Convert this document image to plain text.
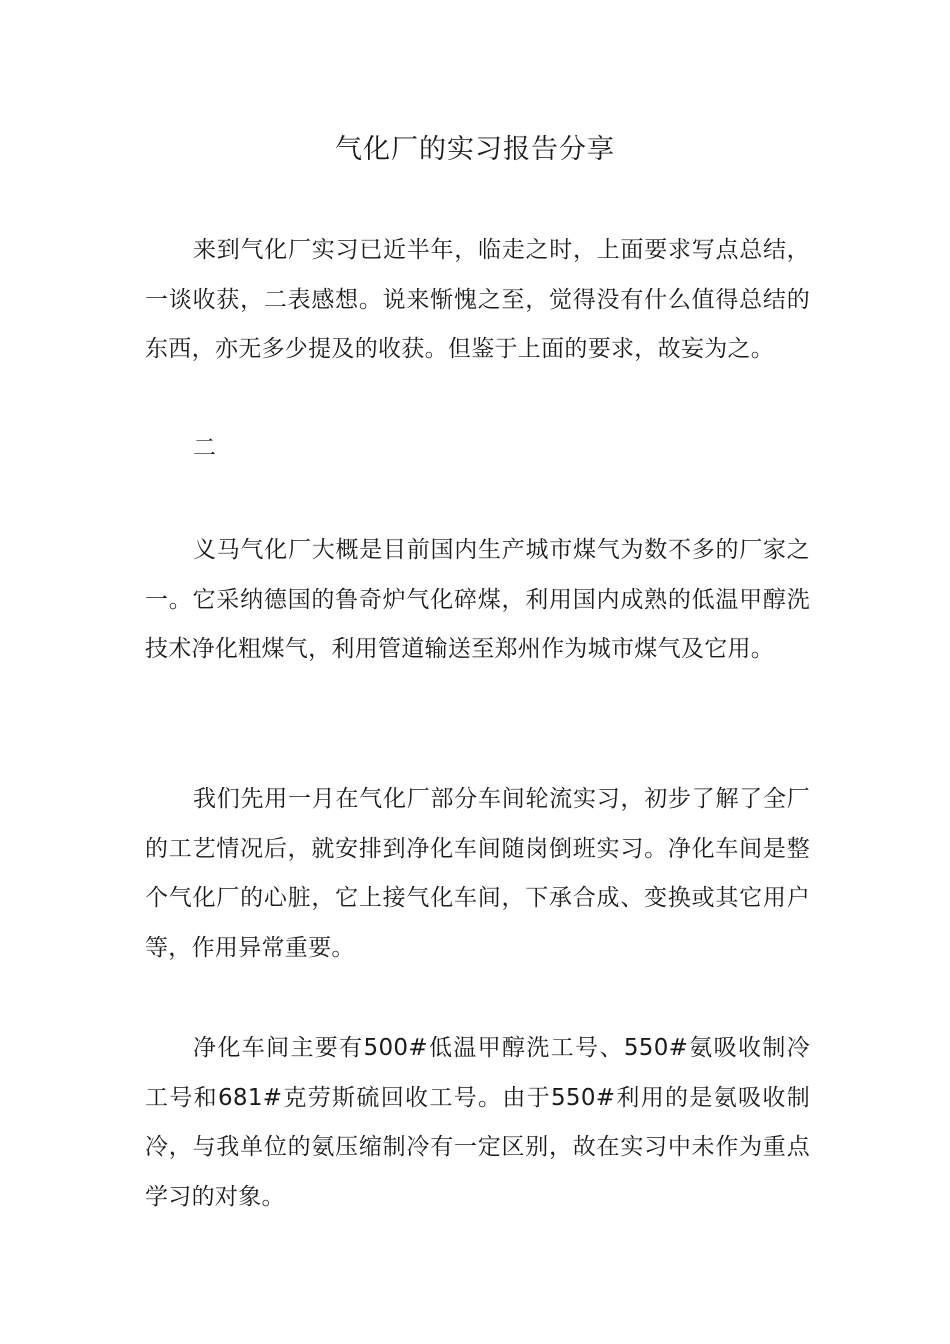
气化厂的实习报告分享

来到气化厂实习已近半年，临走之时，上面要求写点总结，一谈收获，二表感想。说来惭愧之至，觉得没有什么值得总结的东西，亦无多少提及的收获。但鉴于上面的要求，故妄为之。

二

义马气化厂大概是目前国内生产城市煤气为数不多的厂家之一。它采纳德国的鲁奇炉气化碎煤，利用国内成熟的低温甲醇洗技术净化粗煤气，利用管道输送至郑州作为城市煤气及它用。

我们先用一月在气化厂部分车间轮流实习，初步了解了全厂的工艺情况后，就安排到净化车间随岗倒班实习。净化车间是整个气化厂的心脏，它上接气化车间，下承合成、变换或其它用户等，作用异常重要。

净化车间主要有500#低温甲醇洗工号、550#氨吸收制冷工号和681#克劳斯硫回收工号。由于550#利用的是氨吸收制冷，与我单位的氨压缩制冷有一定区别，故在实习中未作为重点学习的对象。
